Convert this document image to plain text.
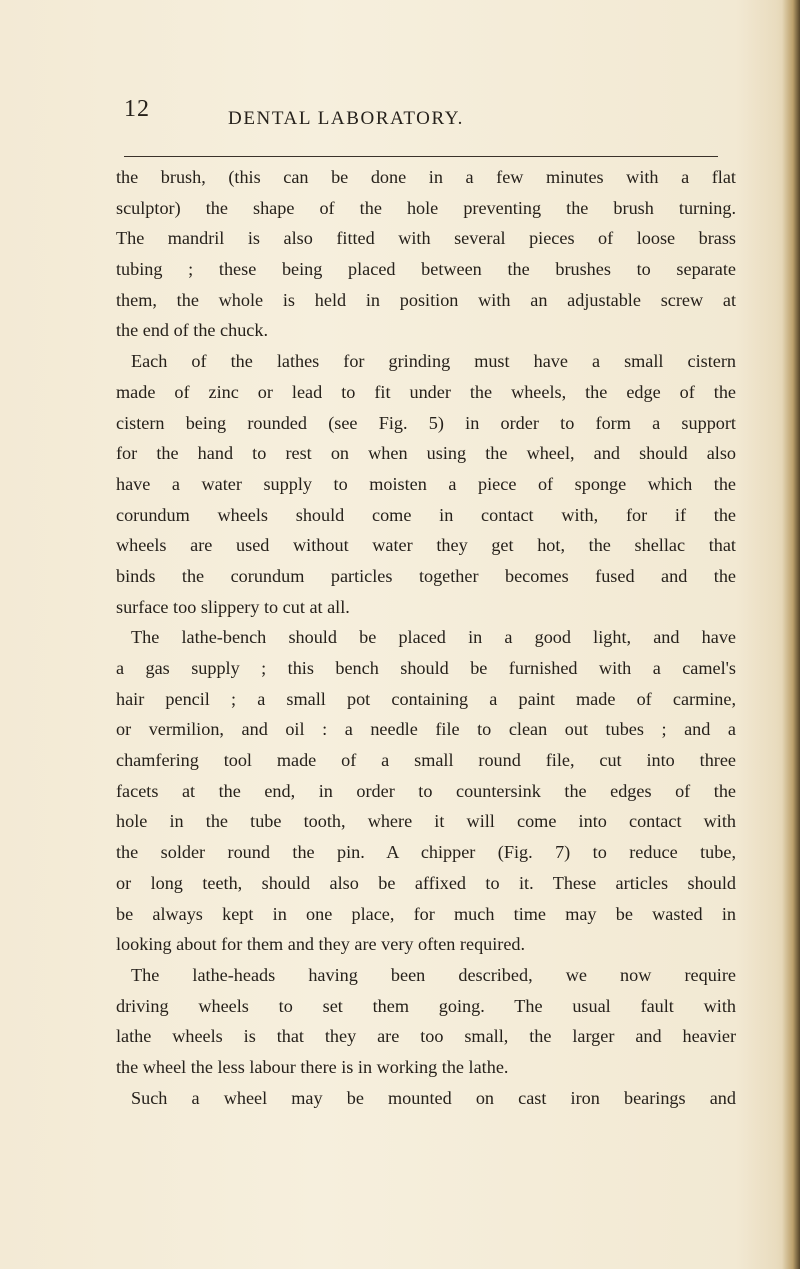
12	DENTAL LABORATORY.
the brush, (this can be done in a few minutes with a flat
sculptor) the shape of the hole preventing the brush turning.
The mandril is also fitted with several pieces of loose brass
tubing ; these being placed between the brushes to separate
them, the whole is held in position with an adjustable screw at
the end of the chuck.
Each of the lathes for grinding must have a small cistern
made of zinc or lead to fit under the wheels, the edge of the
cistern being rounded (see Fig. 5) in order to form a support
for the hand to rest on when using the wheel, and should also
have a water supply to moisten a piece of sponge which the
corundum wheels should come in contact with, for if the
wheels are used without water they get hot, the shellac that
binds the corundum particles together becomes fused and the
surface too slippery to cut at all.
The lathe-bench should be placed in a good light, and have
a gas supply ; this bench should be furnished with a camel's
hair pencil ; a small pot containing a paint made of carmine,
or vermilion, and oil : a needle file to clean out tubes ; and a
chamfering tool made of a small round file, cut into three
facets at the end, in order to countersink the edges of the
hole in the tube tooth, where it will come into contact with
the solder round the pin. A chipper (Fig. 7) to reduce tube,
or long teeth, should also be affixed to it. These articles should
be always kept in one place, for much time may be wasted in
looking about for them and they are very often required.
The lathe-heads having been described, we now require
driving wheels to set them going. The usual fault with
lathe wheels is that they are too small, the larger and heavier
the wheel the less labour there is in working the lathe.
Such a wheel may be mounted on cast iron bearings and
